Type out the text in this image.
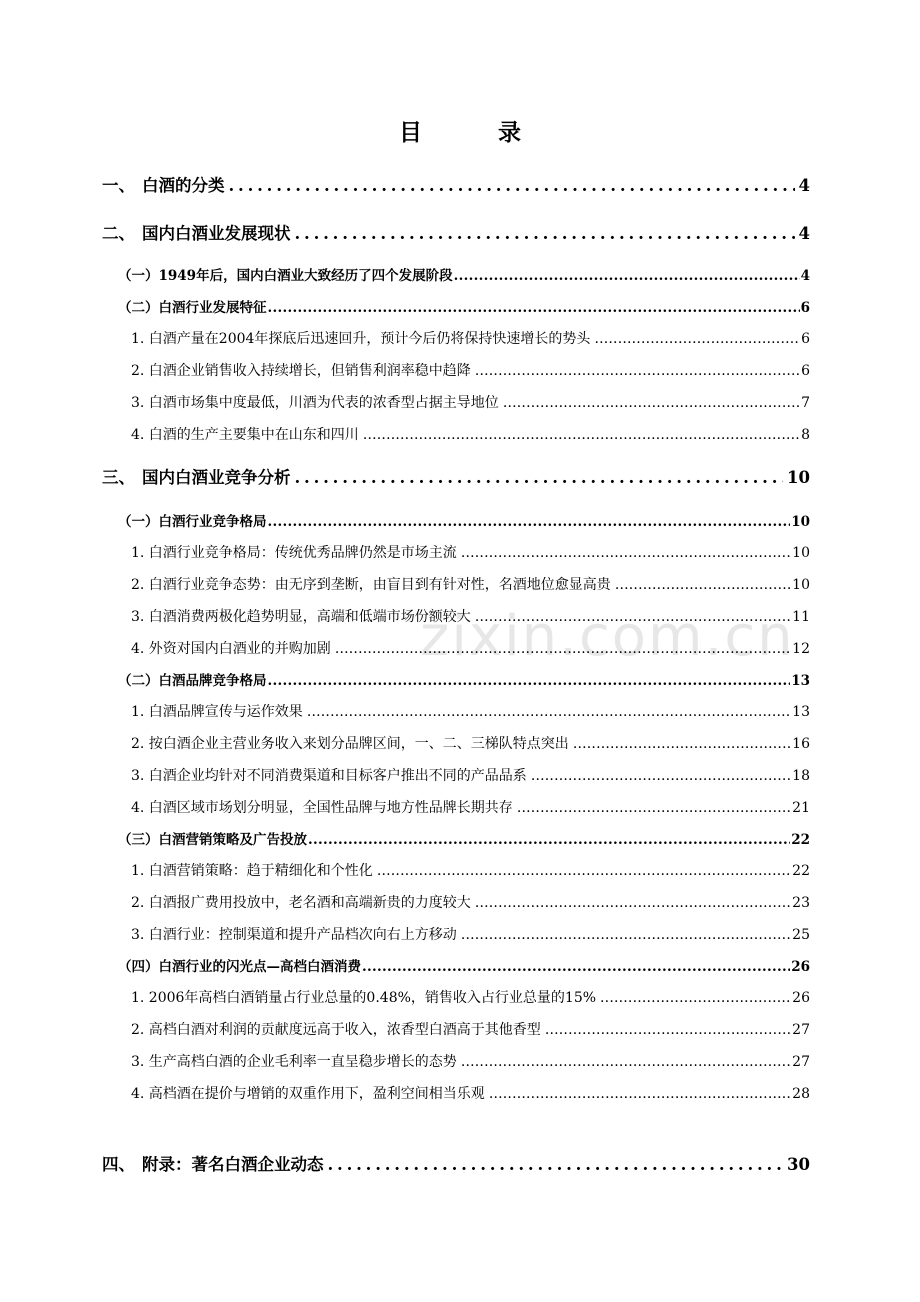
目 录
zixin.com.cn
一、 白酒的分类 .....	4
二、 国内白酒业发展现状 .....	4
（一）1949年后，国内白酒业大致经历了四个发展阶段 .....	4
（二）白酒行业发展特征 .....	6
1. 白酒产量在2004年探底后迅速回升，预计今后仍将保持快速增长的势头 .....	6
2. 白酒企业销售收入持续增长，但销售利润率稳中趋降 .....	6
3. 白酒市场集中度最低，川酒为代表的浓香型占据主导地位 .....	7
4. 白酒的生产主要集中在山东和四川 .....	8
三、 国内白酒业竞争分析 .....	10
（一）白酒行业竞争格局 .....	10
1. 白酒行业竞争格局：传统优秀品牌仍然是市场主流 .....	10
2. 白酒行业竞争态势：由无序到垄断，由盲目到有针对性，名酒地位愈显高贵 .....	10
3. 白酒消费两极化趋势明显，高端和低端市场份额较大 .....	11
4. 外资对国内白酒业的并购加剧 .....	12
（二）白酒品牌竞争格局 .....	13
1. 白酒品牌宣传与运作效果 .....	13
2. 按白酒企业主营业务收入来划分品牌区间，一、二、三梯队特点突出 .....	16
3. 白酒企业均针对不同消费渠道和目标客户推出不同的产品品系 .....	18
4. 白酒区域市场划分明显，全国性品牌与地方性品牌长期共存 .....	21
（三）白酒营销策略及广告投放 .....	22
1. 白酒营销策略：趋于精细化和个性化 .....	22
2. 白酒报广费用投放中，老名酒和高端新贵的力度较大 .....	23
3. 白酒行业：控制渠道和提升产品档次向右上方移动 .....	25
（四）白酒行业的闪光点—高档白酒消费 .....	26
1. 2006年高档白酒销量占行业总量的0.48%，销售收入占行业总量的15% .....	26
2. 高档白酒对利润的贡献度远高于收入，浓香型白酒高于其他香型 .....	27
3. 生产高档白酒的企业毛利率一直呈稳步增长的态势 .....	27
4. 高档酒在提价与增销的双重作用下，盈利空间相当乐观 .....	28
四、 附录：著名白酒企业动态 .....	30
